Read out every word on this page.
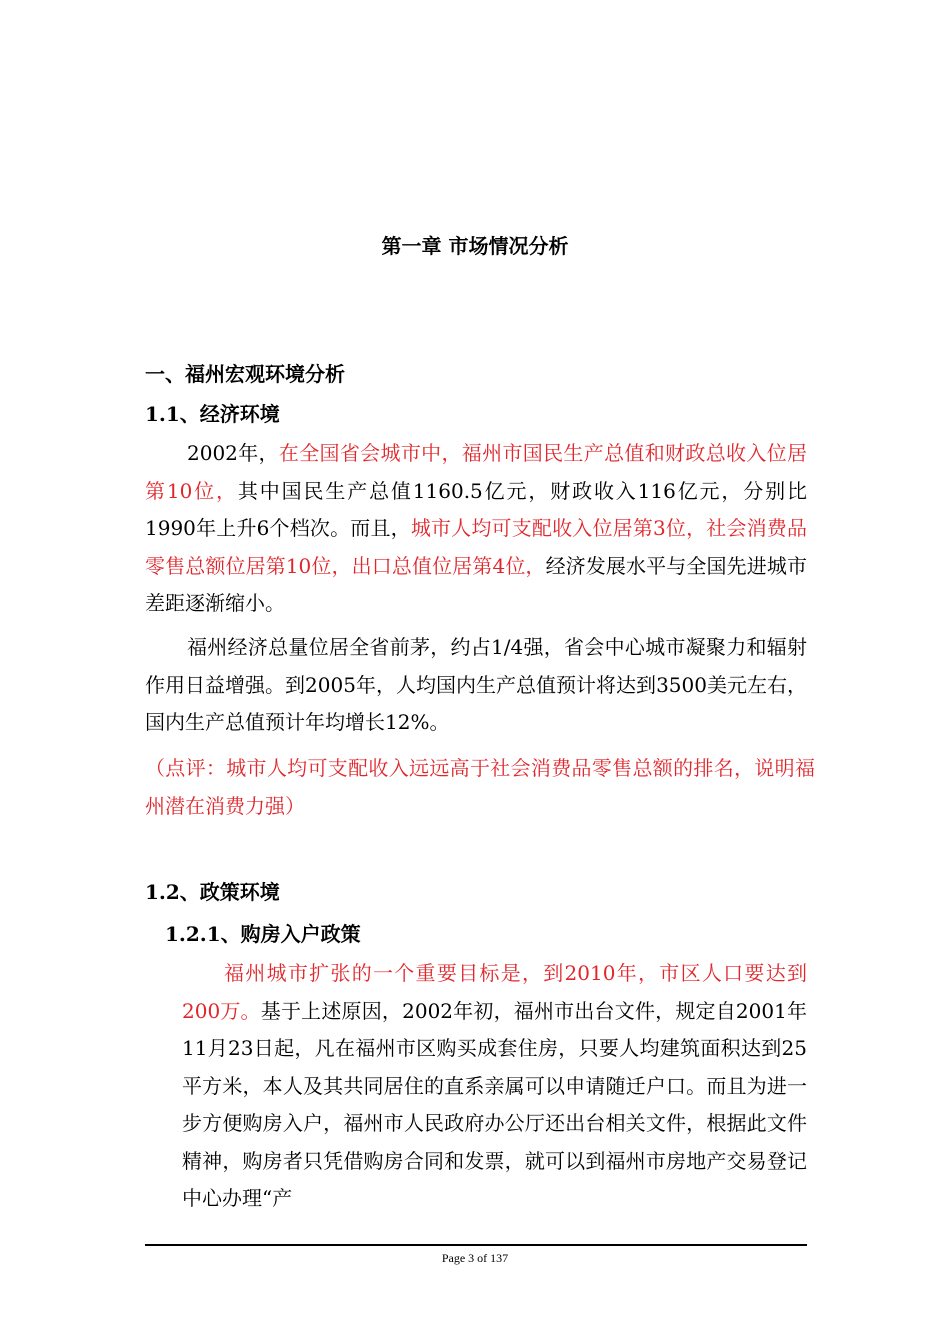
第一章 市场情况分析
一、福州宏观环境分析
1.1、经济环境
2002年，在全国省会城市中，福州市国民生产总值和财政总收入位居第10位，其中国民生产总值1160.5亿元，财政收入116亿元，分别比1990年上升6个档次。而且，城市人均可支配收入位居第3位，社会消费品零售总额位居第10位，出口总值位居第4位，经济发展水平与全国先进城市差距逐渐缩小。
福州经济总量位居全省前茅，约占1/4强，省会中心城市凝聚力和辐射作用日益增强。到2005年，人均国内生产总值预计将达到3500美元左右，国内生产总值预计年均增长12%。
（点评：城市人均可支配收入远远高于社会消费品零售总额的排名，说明福州潜在消费力强）
1.2、政策环境
1.2.1、购房入户政策
福州城市扩张的一个重要目标是，到2010年，市区人口要达到200万。基于上述原因，2002年初，福州市出台文件，规定自2001年11月23日起，凡在福州市区购买成套住房，只要人均建筑面积达到25平方米，本人及其共同居住的直系亲属可以申请随迁户口。而且为进一步方便购房入户，福州市人民政府办公厅还出台相关文件，根据此文件精神，购房者只凭借购房合同和发票，就可以到福州市房地产交易登记中心办理“产
Page 3 of 137
